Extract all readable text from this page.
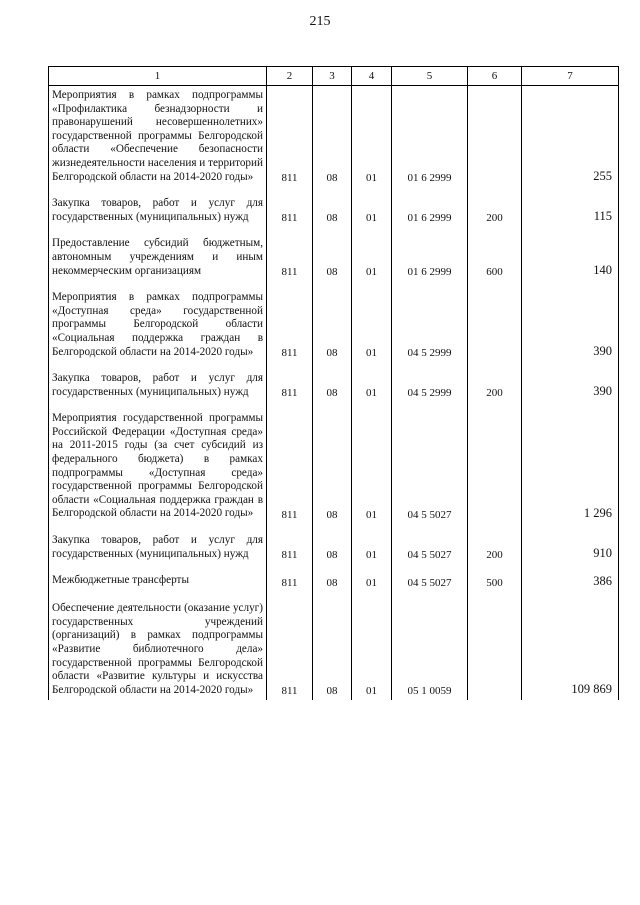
215
1	2	3	4	5	6	7
Мероприятия в рамках подпрограммы «Профилактика безнадзорности и правонарушений несовершеннолетних» государственной программы Белгородской области «Обеспечение безопасности жизнедеятельности населения и территорий Белгородской области на 2014-2020 годы»	811	08	01	01 6 2999		255

Закупка товаров, работ и услуг для государственных (муниципальных) нужд	811	08	01	01 6 2999	200	115

Предоставление субсидий бюджетным, автономным учреждениям и иным некоммерческим организациям	811	08	01	01 6 2999	600	140

Мероприятия в рамках подпрограммы «Доступная среда» государственной программы Белгородской области «Социальная поддержка граждан в Белгородской области на 2014-2020 годы»	811	08	01	04 5 2999		390

Закупка товаров, работ и услуг для государственных (муниципальных) нужд	811	08	01	04 5 2999	200	390

Мероприятия государственной программы Российской Федерации «Доступная среда» на 2011-2015 годы (за счет субсидий из федерального бюджета) в рамках подпрограммы «Доступная среда» государственной программы Белгородской области «Социальная поддержка граждан в Белгородской области на 2014-2020 годы»	811	08	01	04 5 5027		1 296

Закупка товаров, работ и услуг для государственных (муниципальных) нужд	811	08	01	04 5 5027	200	910

Межбюджетные трансферты	811	08	01	04 5 5027	500	386

Обеспечение деятельности (оказание услуг) государственных учреждений (организаций) в рамках подпрограммы «Развитие библиотечного дела» государственной программы Белгородской области «Развитие культуры и искусства Белгородской области на 2014-2020 годы»	811	08	01	05 1 0059		109 869
